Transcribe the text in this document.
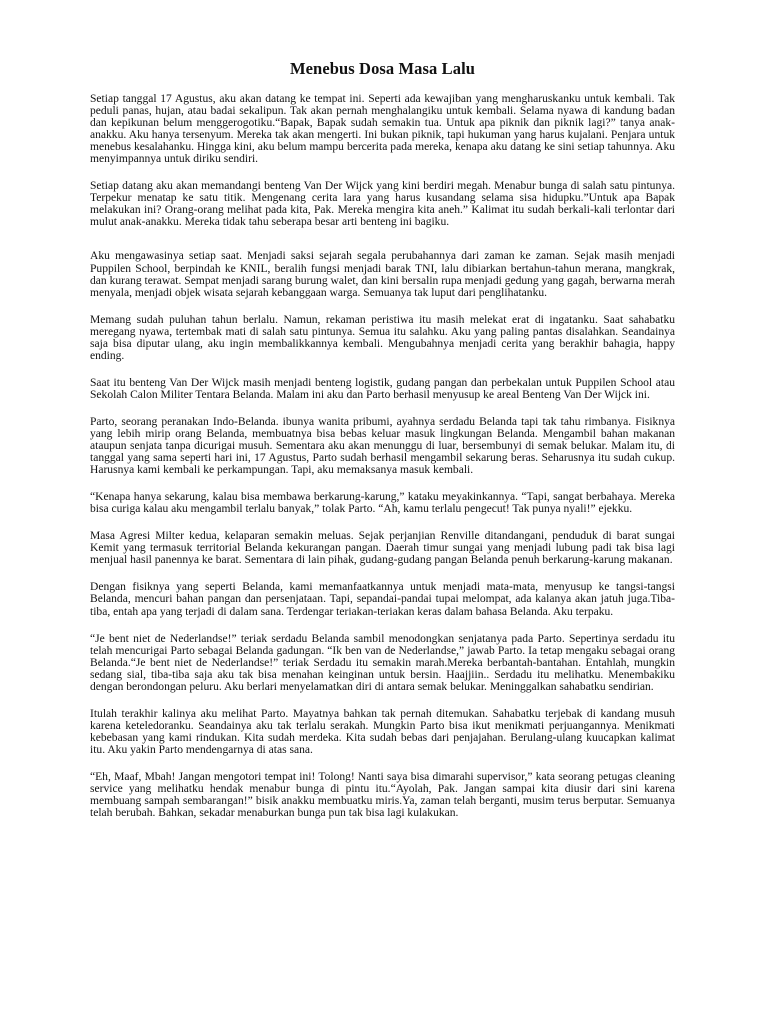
Menebus Dosa Masa Lalu

Setiap tanggal 17 Agustus, aku akan datang ke tempat ini. Seperti ada kewajiban yang mengharuskanku untuk kembali. Tak peduli panas, hujan, atau badai sekalipun. Tak akan pernah menghalangiku untuk kembali. Selama nyawa di kandung badan dan kepikunan belum menggerogotiku.“Bapak, Bapak sudah semakin tua. Untuk apa piknik dan piknik lagi?” tanya anak-anakku. Aku hanya tersenyum. Mereka tak akan mengerti. Ini bukan piknik, tapi hukuman yang harus kujalani. Penjara untuk menebus kesalahanku. Hingga kini, aku belum mampu bercerita pada mereka, kenapa aku datang ke sini setiap tahunnya. Aku menyimpannya untuk diriku sendiri.

Setiap datang aku akan memandangi benteng Van Der Wijck yang kini berdiri megah. Menabur bunga di salah satu pintunya. Terpekur menatap ke satu titik. Mengenang cerita lara yang harus kusandang selama sisa hidupku.”Untuk apa Bapak melakukan ini? Orang-orang melihat pada kita, Pak. Mereka mengira kita aneh.” Kalimat itu sudah berkali-kali terlontar dari mulut anak-anakku. Mereka tidak tahu seberapa besar arti benteng ini bagiku.

Aku mengawasinya setiap saat. Menjadi saksi sejarah segala perubahannya dari zaman ke zaman. Sejak masih menjadi Puppilen School, berpindah ke KNIL, beralih fungsi menjadi barak TNI, lalu dibiarkan bertahun-tahun merana, mangkrak, dan kurang terawat. Sempat menjadi sarang burung walet, dan kini bersalin rupa menjadi gedung yang gagah, berwarna merah menyala, menjadi objek wisata sejarah kebanggaan warga. Semuanya tak luput dari penglihatanku.

Memang sudah puluhan tahun berlalu. Namun, rekaman peristiwa itu masih melekat erat di ingatanku. Saat sahabatku meregang nyawa, tertembak mati di salah satu pintunya. Semua itu salahku. Aku yang paling pantas disalahkan. Seandainya saja bisa diputar ulang, aku ingin membalikkannya kembali. Mengubahnya menjadi cerita yang berakhir bahagia, happy ending.

Saat itu benteng Van Der Wijck masih menjadi benteng logistik, gudang pangan dan perbekalan untuk Puppilen School atau Sekolah Calon Militer Tentara Belanda. Malam ini aku dan Parto berhasil menyusup ke areal Benteng Van Der Wijck ini.

Parto, seorang peranakan Indo-Belanda. ibunya wanita pribumi, ayahnya serdadu Belanda tapi tak tahu rimbanya. Fisiknya yang lebih mirip orang Belanda, membuatnya bisa bebas keluar masuk lingkungan Belanda. Mengambil bahan makanan ataupun senjata tanpa dicurigai musuh. Sementara aku akan menunggu di luar, bersembunyi di semak belukar. Malam itu, di tanggal yang sama seperti hari ini, 17 Agustus, Parto sudah berhasil mengambil sekarung beras. Seharusnya itu sudah cukup. Harusnya kami kembali ke perkampungan. Tapi, aku memaksanya masuk kembali.

“Kenapa hanya sekarung, kalau bisa membawa berkarung-karung,” kataku meyakinkannya. “Tapi, sangat berbahaya. Mereka bisa curiga kalau aku mengambil terlalu banyak,” tolak Parto. “Ah, kamu terlalu pengecut! Tak punya nyali!” ejekku.

Masa Agresi Milter kedua, kelaparan semakin meluas. Sejak perjanjian Renville ditandangani, penduduk di barat sungai Kemit yang termasuk territorial Belanda kekurangan pangan. Daerah timur sungai yang menjadi lubung padi tak bisa lagi menjual hasil panennya ke barat. Sementara di lain pihak, gudang-gudang pangan Belanda penuh berkarung-karung makanan.

Dengan fisiknya yang seperti Belanda, kami memanfaatkannya untuk menjadi mata-mata, menyusup ke tangsi-tangsi Belanda, mencuri bahan pangan dan persenjataan. Tapi, sepandai-pandai tupai melompat, ada kalanya akan jatuh juga.Tiba-tiba, entah apa yang terjadi di dalam sana. Terdengar teriakan-teriakan keras dalam bahasa Belanda. Aku terpaku.

“Je bent niet de Nederlandse!” teriak serdadu Belanda sambil menodongkan senjatanya pada Parto. Sepertinya serdadu itu telah mencurigai Parto sebagai Belanda gadungan. “Ik ben van de Nederlandse,” jawab Parto. Ia tetap mengaku sebagai orang Belanda.“Je bent niet de Nederlandse!” teriak Serdadu itu semakin marah.Mereka berbantah-bantahan. Entahlah, mungkin sedang sial, tiba-tiba saja aku tak bisa menahan keinginan untuk bersin. Haajjiin.. Serdadu itu melihatku. Menembakiku dengan berondongan peluru. Aku berlari menyelamatkan diri di antara semak belukar. Meninggalkan sahabatku sendirian.

Itulah terakhir kalinya aku melihat Parto. Mayatnya bahkan tak pernah ditemukan. Sahabatku terjebak di kandang musuh karena keteledoranku. Seandainya aku tak terlalu serakah. Mungkin Parto bisa ikut menikmati perjuangannya. Menikmati kebebasan yang kami rindukan. Kita sudah merdeka. Kita sudah bebas dari penjajahan. Berulang-ulang kuucapkan kalimat itu. Aku yakin Parto mendengarnya di atas sana.

“Eh, Maaf, Mbah! Jangan mengotori tempat ini! Tolong! Nanti saya bisa dimarahi supervisor,” kata seorang petugas cleaning service yang melihatku hendak menabur bunga di pintu itu.“Ayolah, Pak. Jangan sampai kita diusir dari sini karena membuang sampah sembarangan!” bisik anakku membuatku miris.Ya, zaman telah berganti, musim terus berputar. Semuanya telah berubah. Bahkan, sekadar menaburkan bunga pun tak bisa lagi kulakukan.
